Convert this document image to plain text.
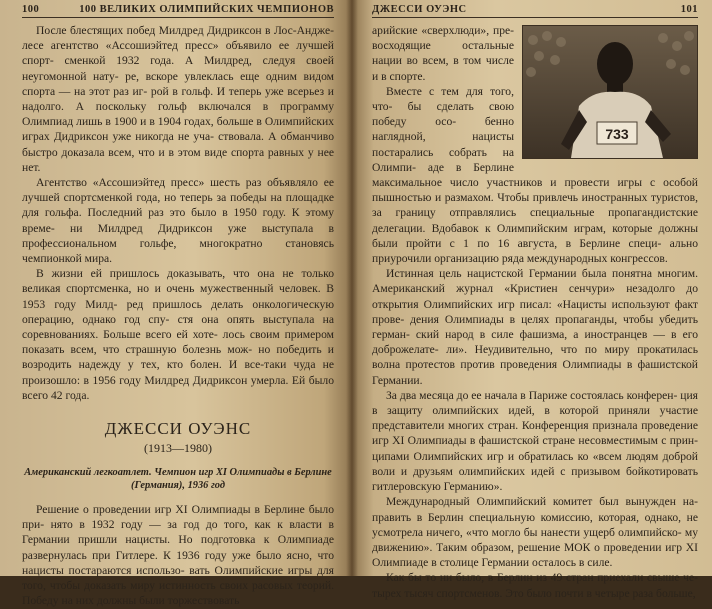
100	100 ВЕЛИКИХ ОЛИМПИЙСКИХ ЧЕМПИОНОВ

После блестящих побед Милдред Дидриксон в Лос-Андже- лесе агентство «Ассошиэйтед пресс» объявило ее лучшей спорт- сменкой 1932 года. А Милдред, следуя своей неугомонной нату- ре, вскоре увлеклась еще одним видом спорта — на этот раз иг- рой в гольф. И теперь уже всерьез и надолго. А поскольку гольф включался в программу Олимпиад лишь в 1900 и в 1904 годах, больше в Олимпийских играх Дидриксон уже никогда не уча- ствовала. А обманчиво быстро доказала всем, что и в этом виде спорта равных у нее нет.

Агентство «Ассошиэйтед пресс» шесть раз объявляло ее лучшей спортсменкой года, но теперь за победы на площадке для гольфа. Последний раз это было в 1950 году. К этому време- ни Милдред Дидриксон уже выступала в профессиональном гольфе, многократно становясь чемпионкой мира.

В жизни ей пришлось доказывать, что она не только великая спортсменка, но и очень мужественный человек. В 1953 году Милд- ред пришлось делать онкологическую операцию, однако год спу- стя она опять выступала на соревнованиях. Больше всего ей хоте- лось своим примером показать всем, что страшную болезнь мож- но победить и возродить надежду у тех, кто болен. И все-таки чуда не произошло: в 1956 году Милдред Дидриксон умерла. Ей было всего 42 года.

ДЖЕССИ ОУЭНС
(1913—1980)
Американский легкоатлет. Чемпион игр XI Олимпиады в Берлине (Германия), 1936 год

Решение о проведении игр XI Олимпиады в Берлине было при- нято в 1932 году — за год до того, как к власти в Германии пришли нацисты. Но подготовка к Олимпиаде развернулась при Гитлере. К 1936 году уже было ясно, что нацисты постараются использо- вать Олимпийские игры для того, чтобы доказать миру истинность своих расовых теорий. Победу на них должны были торжествовать

ДЖЕССИ ОУЭНС	101
733

арийские «сверхлюди», пре- восходящие остальные нации во всем, в том числе и в спорте.

Вместе с тем для того, что- бы сделать свою победу осо- бенно наглядной, нацисты постарались собрать на Олимпи- аде в Берлине максимальное число участников и провести игры с особой пышностью и размахом. Чтобы привлечь иностранных туристов, за границу отправлялись специальные пропагандистские делегации. Вдобавок к Олимпийским играм, которые должны были пройти с 1 по 16 августа, в Берлине специ- ально приурочили организацию ряда международных конгрессов.

Истинная цель нацистской Германии была понятна многим. Американский журнал «Кристиен сенчури» незадолго до открытия Олимпийских игр писал: «Нацисты используют факт прове- дения Олимпиады в целях пропаганды, чтобы убедить герман- ский народ в силе фашизма, а иностранцев — в его доброжелате- ли». Неудивительно, что по миру прокатилась волна протестов против проведения Олимпиады в фашистской Германии.

За два месяца до ее начала в Париже состоялась конферен- ция в защиту олимпийских идей, в которой приняли участие представители многих стран. Конференция признала проведение игр XI Олимпиады в фашистской стране несовместимым с прин- ципами Олимпийских игр и обратилась ко «всем людям доброй воли и друзьям олимпийских идей с призывом бойкотировать гитлеровскую Германию».

Международный Олимпийский комитет был вынужден на- править в Берлин специальную комиссию, которая, однако, не усмотрела ничего, «что могло бы нанести ущерб олимпийско- му движению». Таким образом, решение МОК о проведении игр XI Олимпиаде в столице Германии осталось в силе.

Как бы то ни было, в Берлин из 49 стран приехали свыше че- тырех тысяч спортсменов. Это было почти в четыре раза больше,
